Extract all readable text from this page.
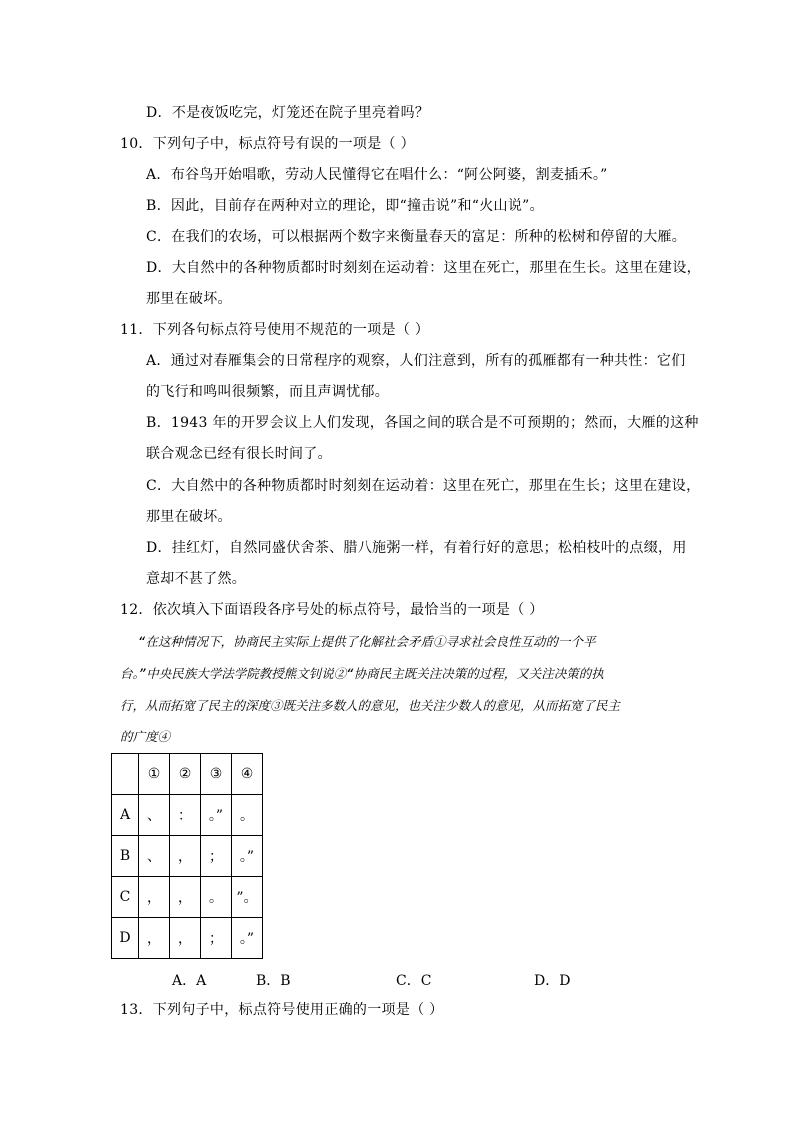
D．不是夜饭吃完，灯笼还在院子里亮着吗？
10．下列句子中，标点符号有误的一项是（ ）
A．布谷鸟开始唱歌，劳动人民懂得它在唱什么：“阿公阿婆，割麦插禾。”
B．因此，目前存在两种对立的理论，即“撞击说”和“火山说”。
C．在我们的农场，可以根据两个数字来衡量春天的富足：所种的松树和停留的大雁。
D．大自然中的各种物质都时时刻刻在运动着：这里在死亡，那里在生长。这里在建设，
那里在破坏。
11．下列各句标点符号使用不规范的一项是（ ）
A．通过对春雁集会的日常程序的观察，人们注意到，所有的孤雁都有一种共性：它们
的飞行和鸣叫很频繁，而且声调忧郁。
B．1943 年的开罗会议上人们发现，各国之间的联合是不可预期的；然而，大雁的这种
联合观念已经有很长时间了。
C．大自然中的各种物质都时时刻刻在运动着：这里在死亡，那里在生长；这里在建设，
那里在破坏。
D．挂红灯，自然同盛伏舍茶、腊八施粥一样，有着行好的意思；松柏枝叶的点缀，用
意却不甚了然。
12．依次填入下面语段各序号处的标点符号，最恰当的一项是（ ）
“在这种情况下，协商民主实际上提供了化解社会矛盾①寻求社会良性互动的一个平
台。”中央民族大学法学院教授熊文钊说②“协商民主既关注决策的过程，又关注决策的执
行，从而拓宽了民主的深度③既关注多数人的意见，也关注少数人的意见，从而拓宽了民主
的广度④
	①	②	③	④
A	、	：	。”	。
B	、	，	；	。”
C	，	，	。	”。
D	，	，	；	。”
A．A	B．B	C．C	D．D
13．下列句子中，标点符号使用正确的一项是（ ）
